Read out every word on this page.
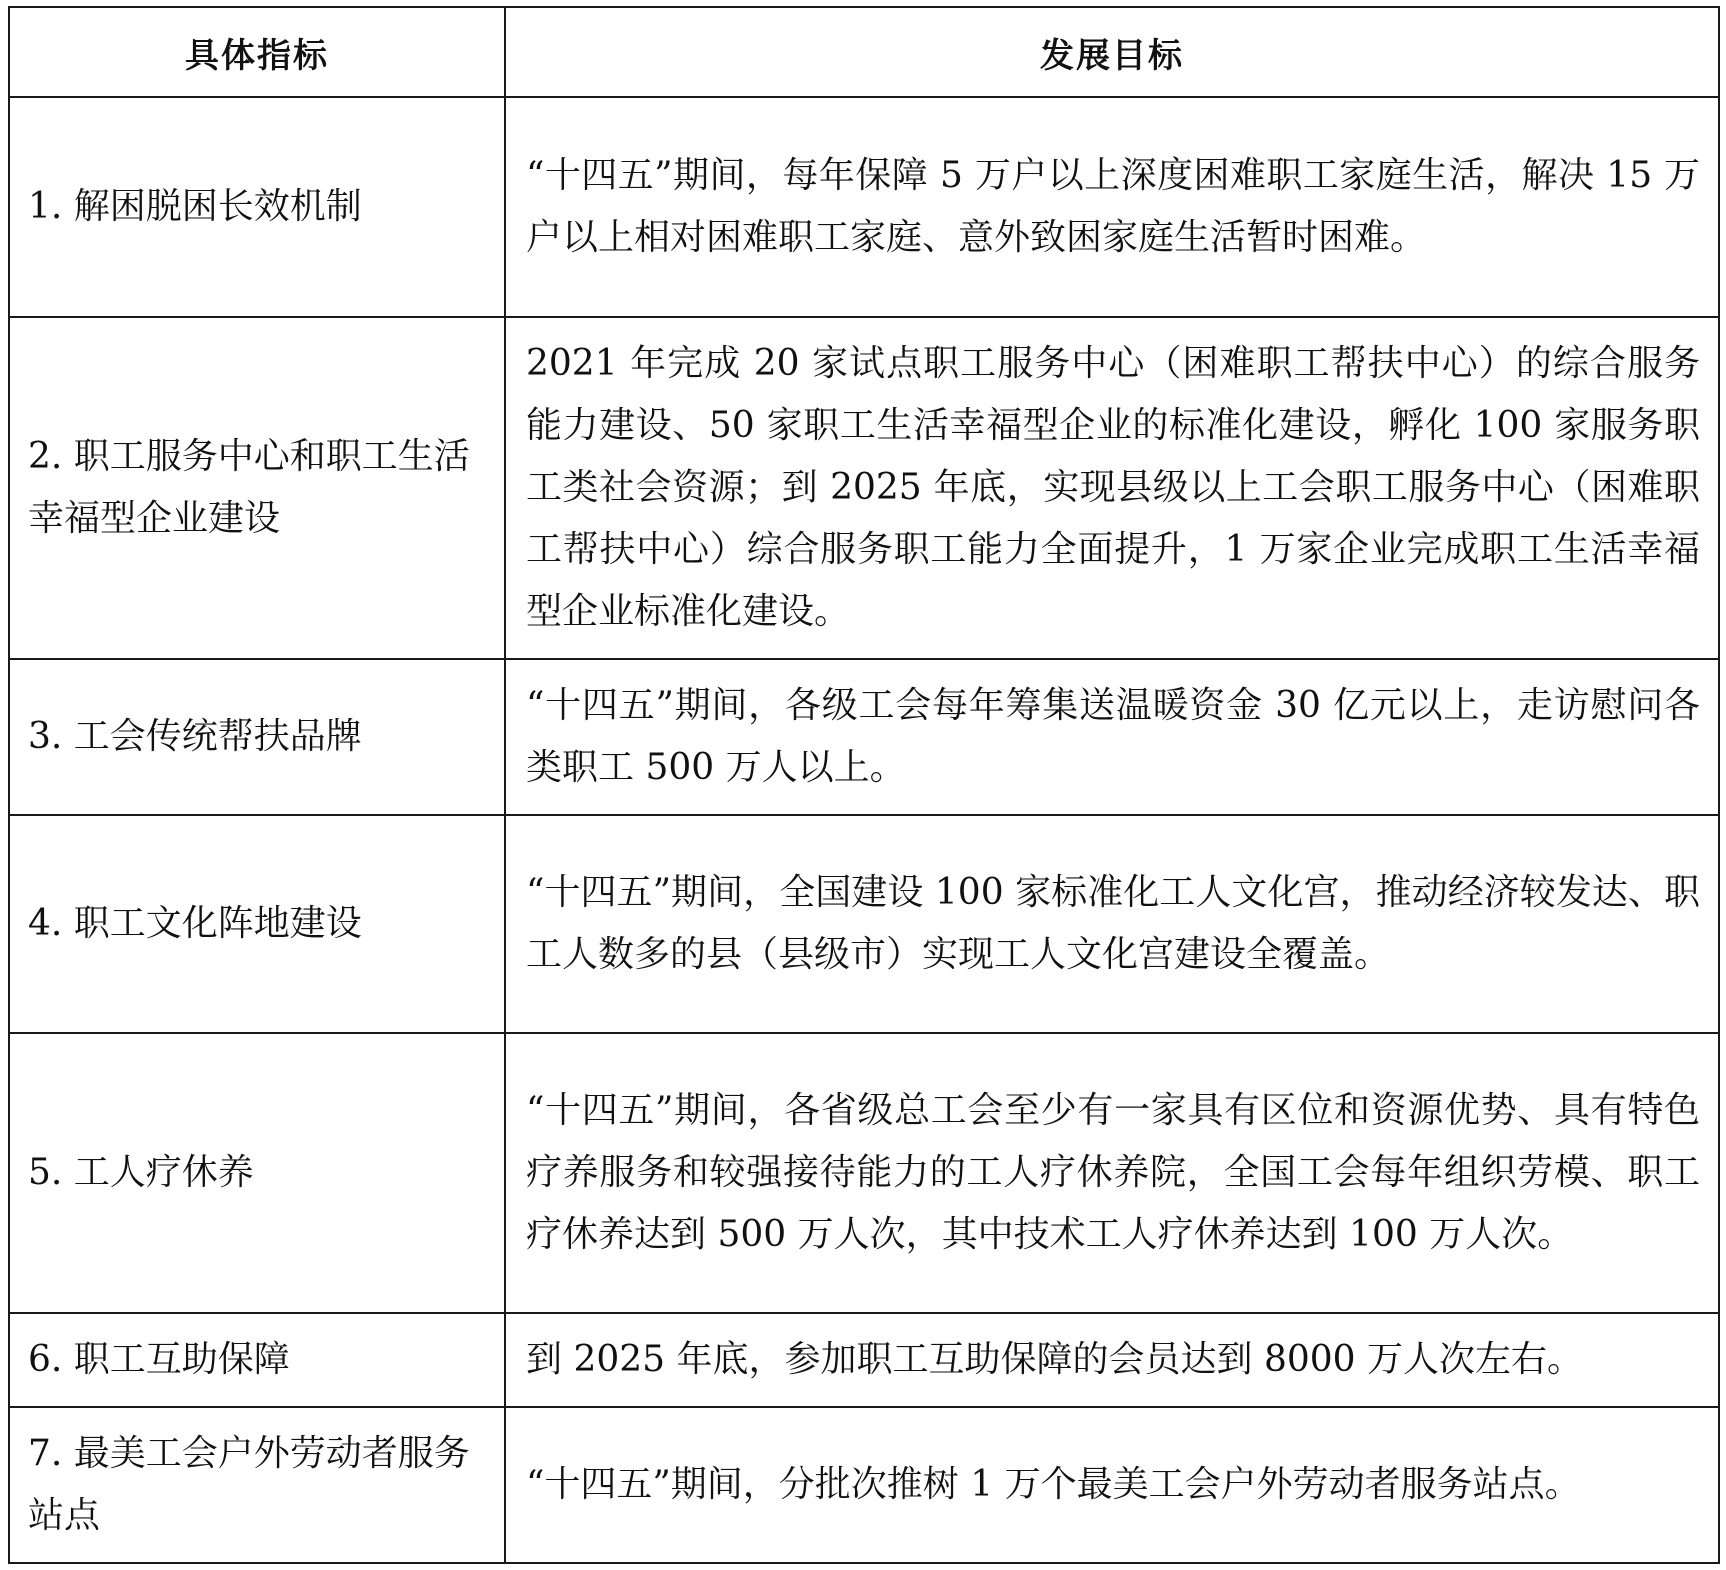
具体指标	发展目标
1. 解困脱困长效机制	“十四五”期间，每年保障 5 万户以上深度困难职工家庭生活，解决 15 万户以上相对困难职工家庭、意外致困家庭生活暂时困难。
2. 职工服务中心和职工生活幸福型企业建设	2021 年完成 20 家试点职工服务中心（困难职工帮扶中心）的综合服务能力建设、50 家职工生活幸福型企业的标准化建设，孵化 100 家服务职工类社会资源；到 2025 年底，实现县级以上工会职工服务中心（困难职工帮扶中心）综合服务职工能力全面提升，1 万家企业完成职工生活幸福型企业标准化建设。
3. 工会传统帮扶品牌	“十四五”期间，各级工会每年筹集送温暖资金 30 亿元以上，走访慰问各类职工 500 万人以上。
4. 职工文化阵地建设	“十四五”期间，全国建设 100 家标准化工人文化宫，推动经济较发达、职工人数多的县（县级市）实现工人文化宫建设全覆盖。
5. 工人疗休养	“十四五”期间，各省级总工会至少有一家具有区位和资源优势、具有特色疗养服务和较强接待能力的工人疗休养院，全国工会每年组织劳模、职工疗休养达到 500 万人次，其中技术工人疗休养达到 100 万人次。
6. 职工互助保障	到 2025 年底，参加职工互助保障的会员达到 8000 万人次左右。
7. 最美工会户外劳动者服务站点	“十四五”期间，分批次推树 1 万个最美工会户外劳动者服务站点。
